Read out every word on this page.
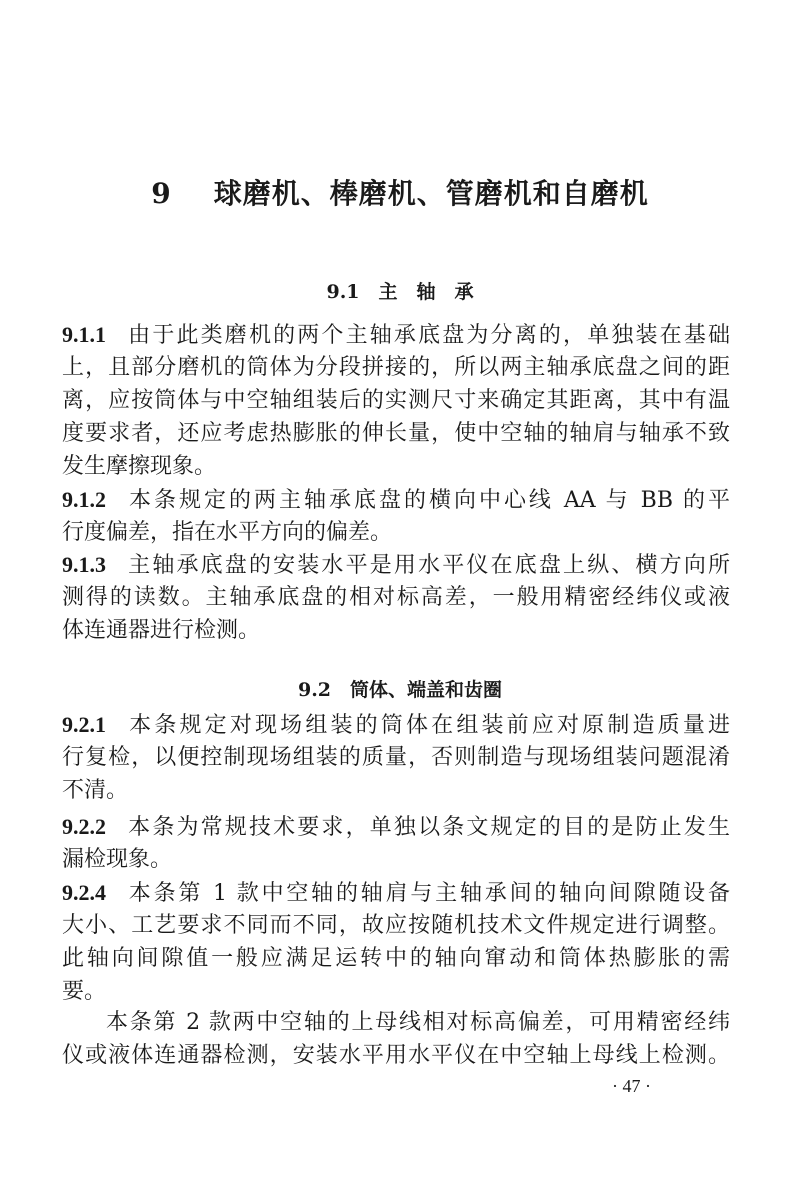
9 球磨机、棒磨机、管磨机和自磨机
9.1　主　轴　承
9.1.1 由于此类磨机的两个主轴承底盘为分离的，单独装在基础
上，且部分磨机的筒体为分段拼接的，所以两主轴承底盘之间的距
离，应按筒体与中空轴组装后的实测尺寸来确定其距离，其中有温
度要求者，还应考虑热膨胀的伸长量，使中空轴的轴肩与轴承不致
发生摩擦现象。
9.1.2 本条规定的两主轴承底盘的横向中心线 AA 与 BB 的平
行度偏差，指在水平方向的偏差。
9.1.3 主轴承底盘的安装水平是用水平仪在底盘上纵、横方向所
测得的读数。主轴承底盘的相对标高差，一般用精密经纬仪或液
体连通器进行检测。
9.2　筒体、端盖和齿圈
9.2.1 本条规定对现场组装的筒体在组装前应对原制造质量进
行复检，以便控制现场组装的质量，否则制造与现场组装问题混淆
不清。
9.2.2 本条为常规技术要求，单独以条文规定的目的是防止发生
漏检现象。
9.2.4 本条第 1 款中空轴的轴肩与主轴承间的轴向间隙随设备
大小、工艺要求不同而不同，故应按随机技术文件规定进行调整。
此轴向间隙值一般应满足运转中的轴向窜动和筒体热膨胀的需
要。
本条第 2 款两中空轴的上母线相对标高偏差，可用精密经纬
仪或液体连通器检测，安装水平用水平仪在中空轴上母线上检测。
· 47 ·
